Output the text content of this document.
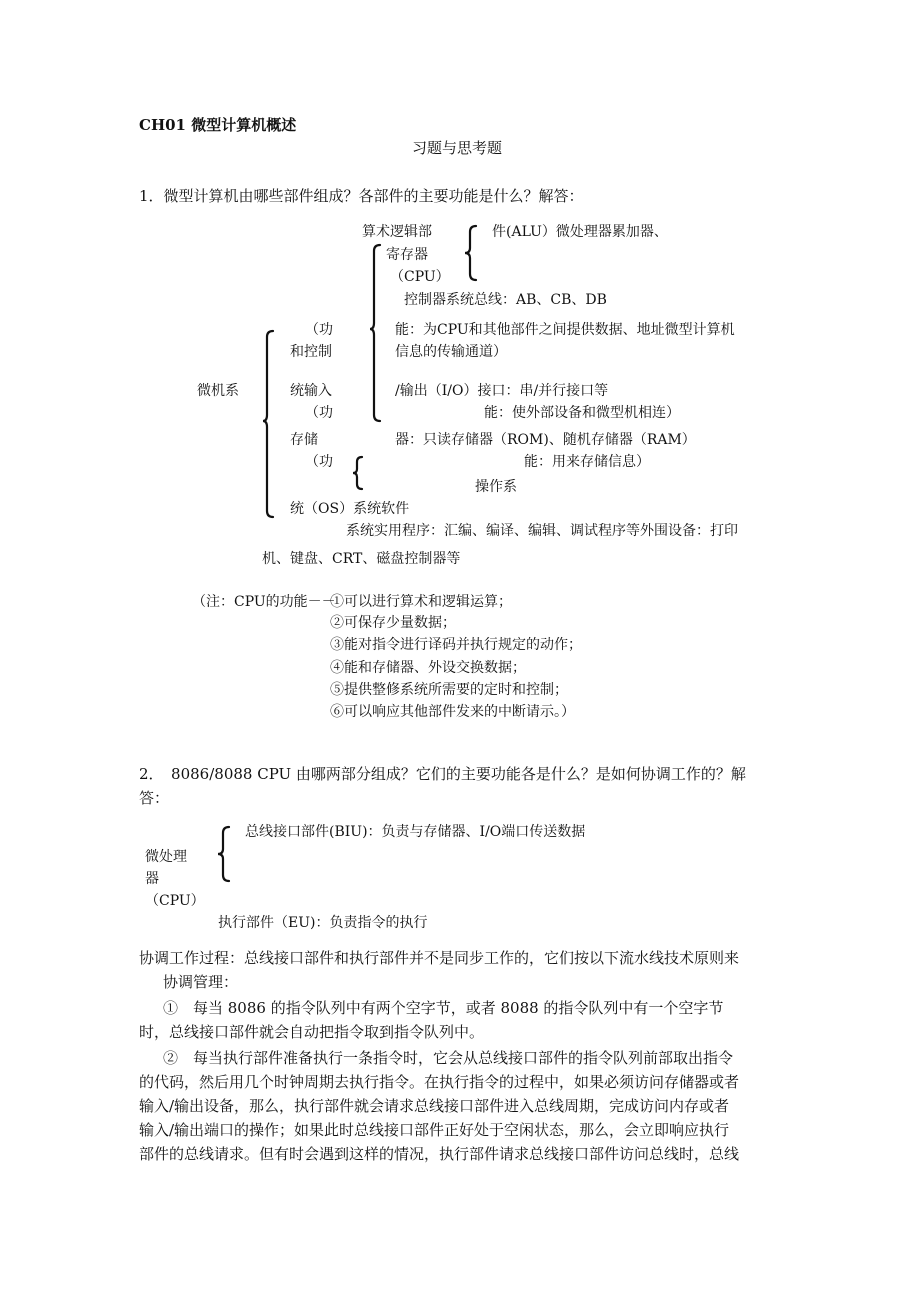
CH01 微型计算机概述
习题与思考题
1．微型计算机由哪些部件组成？各部件的主要功能是什么？解答：
算术逻辑部	件(ALU）微处理器累加器、
寄存器
（CPU）
控制器系统总线：AB、CB、DB
（功	能：为CPU和其他部件之间提供数据、地址微型计算机
和控制	信息的传输通道）
微机系	统输入	/输出（I/O）接口：串/并行接口等
（功	能：使外部设备和微型机相连）
存储	器：只读存储器（ROM)、随机存储器（RAM）
（功	能：用来存储信息）
操作系
统（OS）系统软件
系统实用程序：汇编、编译、编辑、调试程序等外围设备：打印
机、键盘、CRT、磁盘控制器等
（注：CPU的功能－－
①可以进行算术和逻辑运算；
②可保存少量数据；
③能对指令进行译码并执行规定的动作；
④能和存储器、外设交换数据；
⑤提供整修系统所需要的定时和控制；
⑥可以响应其他部件发来的中断请示。）
2．　8086/8088 CPU 由哪两部分组成？它们的主要功能各是什么？是如何协调工作的？解
答：
总线接口部件(BIU)：负责与存储器、I/O端口传送数据
微处理
器
（CPU）
执行部件（EU)：负责指令的执行
协调工作过程：总线接口部件和执行部件并不是同步工作的，它们按以下流水线技术原则来
协调管理：
①　每当 8086 的指令队列中有两个空字节，或者 8088 的指令队列中有一个空字节
时，总线接口部件就会自动把指令取到指令队列中。
②　每当执行部件准备执行一条指令时，它会从总线接口部件的指令队列前部取出指令
的代码，然后用几个时钟周期去执行指令。在执行指令的过程中，如果必须访问存储器或者
输入/输出设备，那么，执行部件就会请求总线接口部件进入总线周期，完成访问内存或者
输入/输出端口的操作；如果此时总线接口部件正好处于空闲状态，那么，会立即响应执行
部件的总线请求。但有时会遇到这样的情况，执行部件请求总线接口部件访问总线时，总线
